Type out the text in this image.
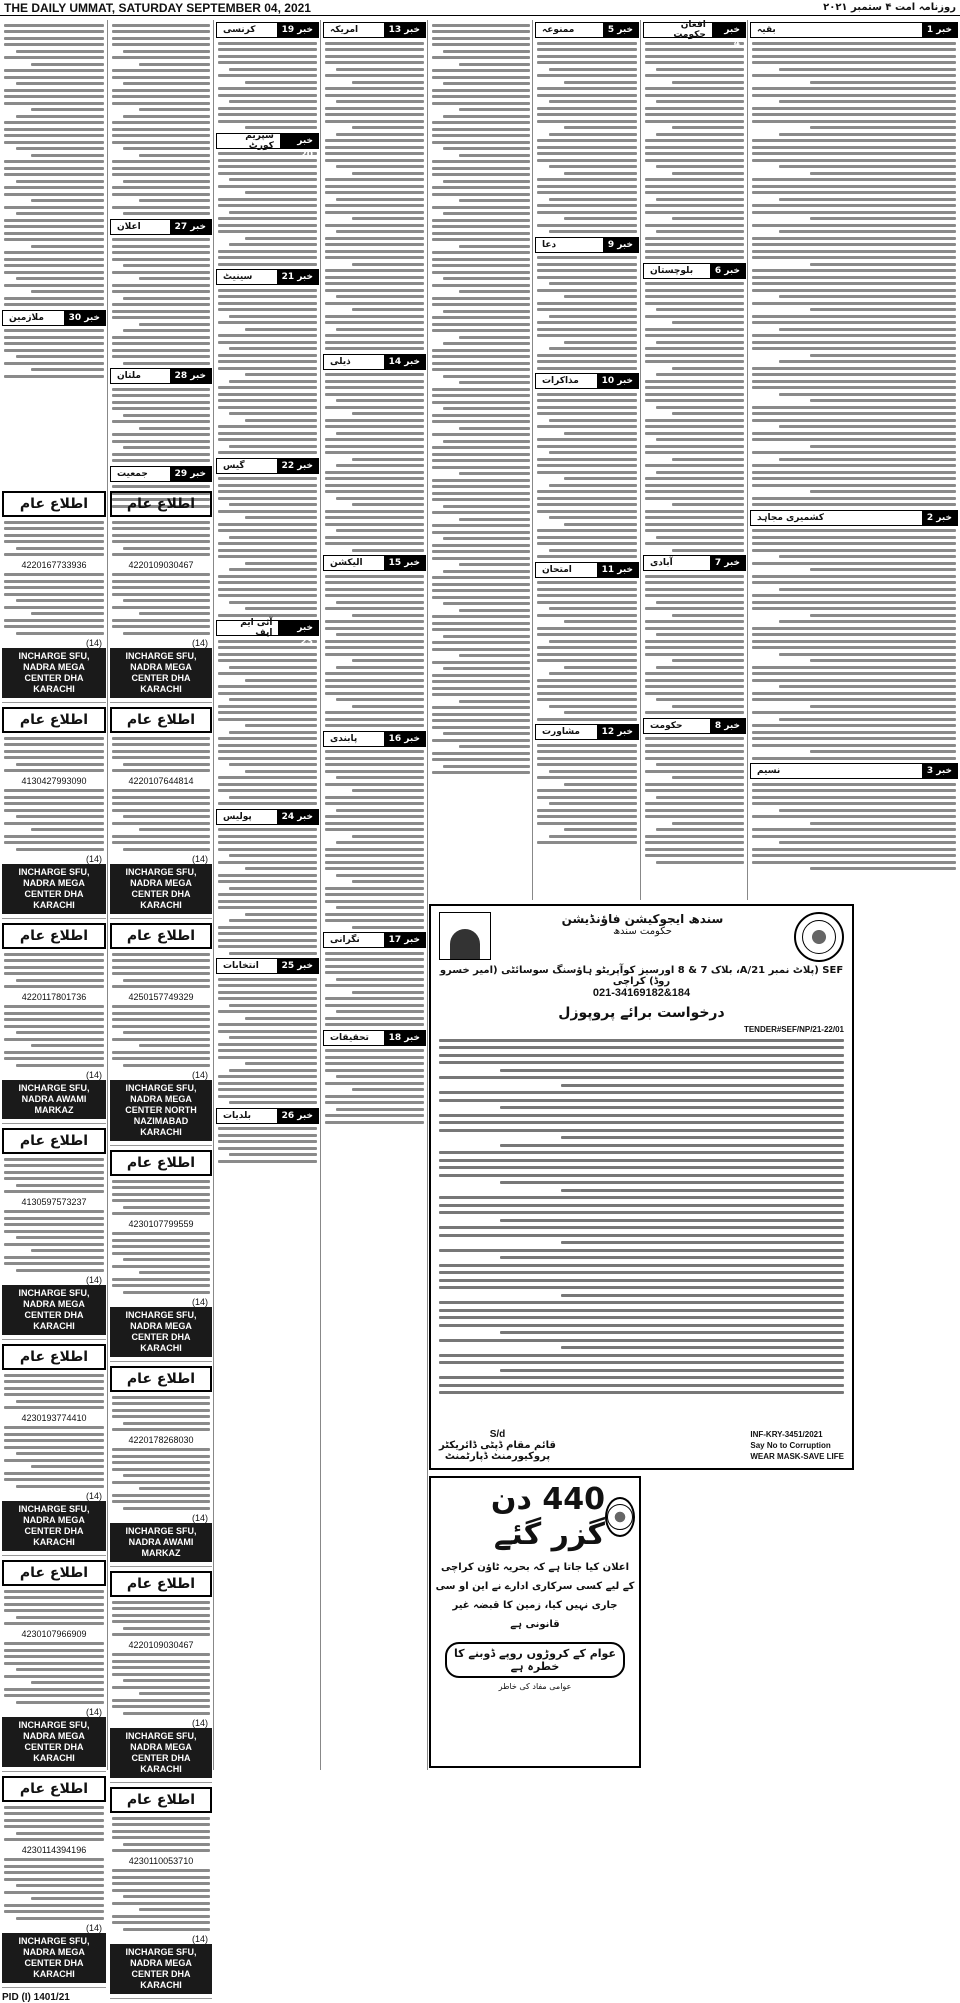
THE DAILY UMMAT, SATURDAY SEPTEMBER 04, 2021	روزنامہ امت ۴ ستمبر ۲۰۲۱
خبر 1
بقیہ
خبر 2
کشمیری مجاہد
خبر 3
نسیم
خبر 4
افغان حکومت
خبر 6
بلوچستان
خبر 7
آبادی
خبر 8
حکومت
خبر 5
ممنوعہ
خبر 9
دعا
خبر 10
مذاکرات
خبر 11
امتحان
خبر 12
مشاورت
خبر 13
امریکہ
خبر 14
ذیلی
خبر 15
الیکشن
خبر 16
پابندی
خبر 17
نگرانی
خبر 18
تحقیقات
خبر 19
کرنسی
خبر 20
سپریم کورٹ
خبر 21
سینیٹ
خبر 22
گیس
خبر 23
آئی ایم ایف
خبر 24
پولیس
خبر 25
انتخابات
خبر 26
بلدیات
خبر 27
اعلان
خبر 28
ملتان
خبر 29
جمعیت
خبر 30
ملازمین
اطلاع عام
4220109030467
(14)
INCHARGE SFU, NADRA MEGA CENTER DHA KARACHI
اطلاع عام
4220107644814
(14)
INCHARGE SFU, NADRA MEGA CENTER DHA KARACHI
اطلاع عام
4250157749329
(14)
INCHARGE SFU, NADRA MEGA CENTER NORTH NAZIMABAD KARACHI
اطلاع عام
4230107799559
(14)
INCHARGE SFU, NADRA MEGA CENTER DHA KARACHI
اطلاع عام
4220178268030
(14)
INCHARGE SFU, NADRA AWAMI MARKAZ
اطلاع عام
4220109030467
(14)
INCHARGE SFU, NADRA MEGA CENTER DHA KARACHI
اطلاع عام
4230110053710
(14)
INCHARGE SFU, NADRA MEGA CENTER DHA KARACHI
اطلاع عام
4220167733936
(14)
INCHARGE SFU, NADRA MEGA CENTER DHA KARACHI
اطلاع عام
4130427993090
(14)
INCHARGE SFU, NADRA MEGA CENTER DHA KARACHI
اطلاع عام
4220117801736
(14)
INCHARGE SFU, NADRA AWAMI MARKAZ
اطلاع عام
4130597573237
(14)
INCHARGE SFU, NADRA MEGA CENTER DHA KARACHI
اطلاع عام
4230193774410
(14)
INCHARGE SFU, NADRA MEGA CENTER DHA KARACHI
اطلاع عام
4230107966909
(14)
INCHARGE SFU, NADRA MEGA CENTER DHA KARACHI
اطلاع عام
4230114394196
(14)
INCHARGE SFU, NADRA MEGA CENTER DHA KARACHI
PID (I) 1401/21
سندھ ایجوکیشن فاؤنڈیشن
حکومت سندھ
SEF (پلاٹ نمبر 21/A، بلاک 7 & 8 اورسیز کوآپریٹو ہاؤسنگ سوسائٹی (امیر خسرو روڈ) کراچی
021-34169182&184
درخواست برائے پروپوزل
TENDER#SEF/NP/21-22/01
INF-KRY-3451/2021
Say No to Corruption
WEAR MASK-SAVE LIFE
S/d
قائم مقام ڈپٹی ڈائریکٹر
پروکیورمنٹ ڈپارٹمنٹ
440 دن گزر گئے
اعلان کیا جاتا ہے کہ بحریہ ٹاؤن کراچی کے لیے کسی سرکاری ادارے نے این او سی جاری نہیں کیا، زمین کا قبضہ غیر قانونی ہے
عوام کے کروڑوں روپے ڈوبنے کا خطرہ ہے
عوامی مفاد کی خاطر
